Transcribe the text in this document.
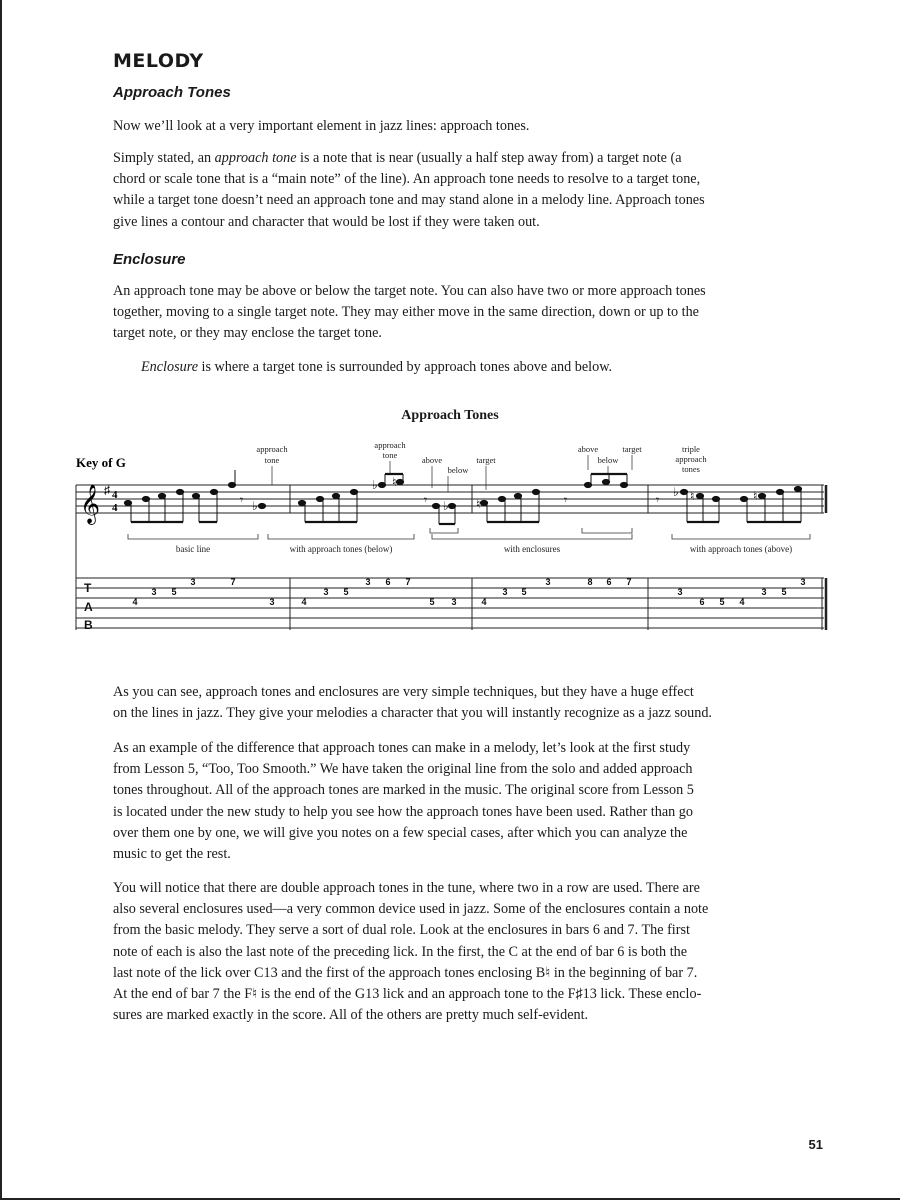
MELODY
Approach Tones

Now we’ll look at a very important element in jazz lines: approach tones.

Simply stated, an approach tone is a note that is near (usually a half step away from) a target note (a
chord or scale tone that is a “main note” of the line). An approach tone needs to resolve to a target tone,
while a target tone doesn’t need an approach tone and may stand alone in a melody line. Approach tones
give lines a contour and character that would be lost if they were taken out.

Enclosure

An approach tone may be above or below the target note. You can also have two or more approach tones
together, moving to a single target note. They may either move in the same direction, down or up to the
target note, or they may enclose the target tone.

Enclosure is where a target tone is surrounded by approach tones above and below.

Approach Tones
Key of G
approach
tone
approach
tone	above
below
target
above
below
target	triple
approach
tones
𝄞 ♯ 4
4
𝄾 ♭
♭ ♮
𝄾 ♭ ♮	𝄾	𝄾
♭ ♮	♮
basic line	with approach tones (below)	with enclosures	with approach tones (above)
T
A
B
4
3 5
3	7
3	4
3 5
3 6 7
5 3	4
3 5
3	8 6 7
3
6 5 4
3 5
3

As you can see, approach tones and enclosures are very simple techniques, but they have a huge effect
on the lines in jazz. They give your melodies a character that you will instantly recognize as a jazz sound.

As an example of the difference that approach tones can make in a melody, let’s look at the first study
from Lesson 5, “Too, Too Smooth.” We have taken the original line from the solo and added approach
tones throughout. All of the approach tones are marked in the music. The original score from Lesson 5
is located under the new study to help you see how the approach tones have been used. Rather than go
over them one by one, we will give you notes on a few special cases, after which you can analyze the
music to get the rest.

You will notice that there are double approach tones in the tune, where two in a row are used. There are
also several enclosures used—a very common device used in jazz. Some of the enclosures contain a note
from the basic melody. They serve a sort of dual role. Look at the enclosures in bars 6 and 7. The first
note of each is also the last note of the preceding lick. In the first, the C at the end of bar 6 is both the
last note of the lick over C13 and the first of the approach tones enclosing B♮ in the beginning of bar 7.
At the end of bar 7 the F♮ is the end of the G13 lick and an approach tone to the F♯13 lick. These enclo-
sures are marked exactly in the score. All of the others are pretty much self-evident.

51
